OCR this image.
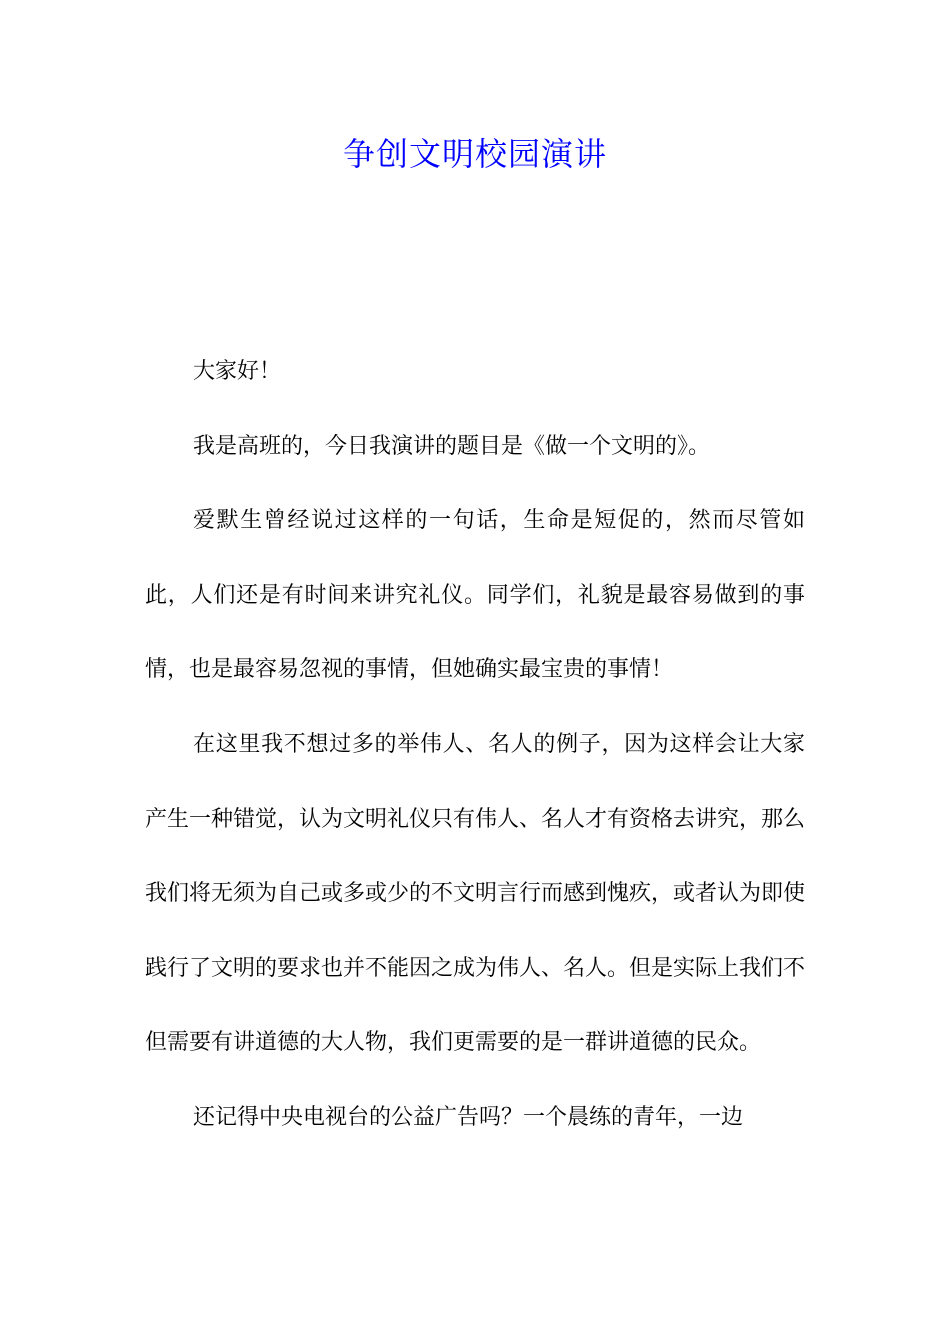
争创文明校园演讲

大家好！

我是高班的，今日我演讲的题目是《做一个文明的》。

爱默生曾经说过这样的一句话，生命是短促的，然而尽管如此，人们还是有时间来讲究礼仪。同学们，礼貌是最容易做到的事情，也是最容易忽视的事情，但她确实最宝贵的事情！

在这里我不想过多的举伟人、名人的例子，因为这样会让大家产生一种错觉，认为文明礼仪只有伟人、名人才有资格去讲究，那么我们将无须为自己或多或少的不文明言行而感到愧疚，或者认为即使践行了文明的要求也并不能因之成为伟人、名人。但是实际上我们不但需要有讲道德的大人物，我们更需要的是一群讲道德的民众。

还记得中央电视台的公益广告吗？一个晨练的青年，一边
